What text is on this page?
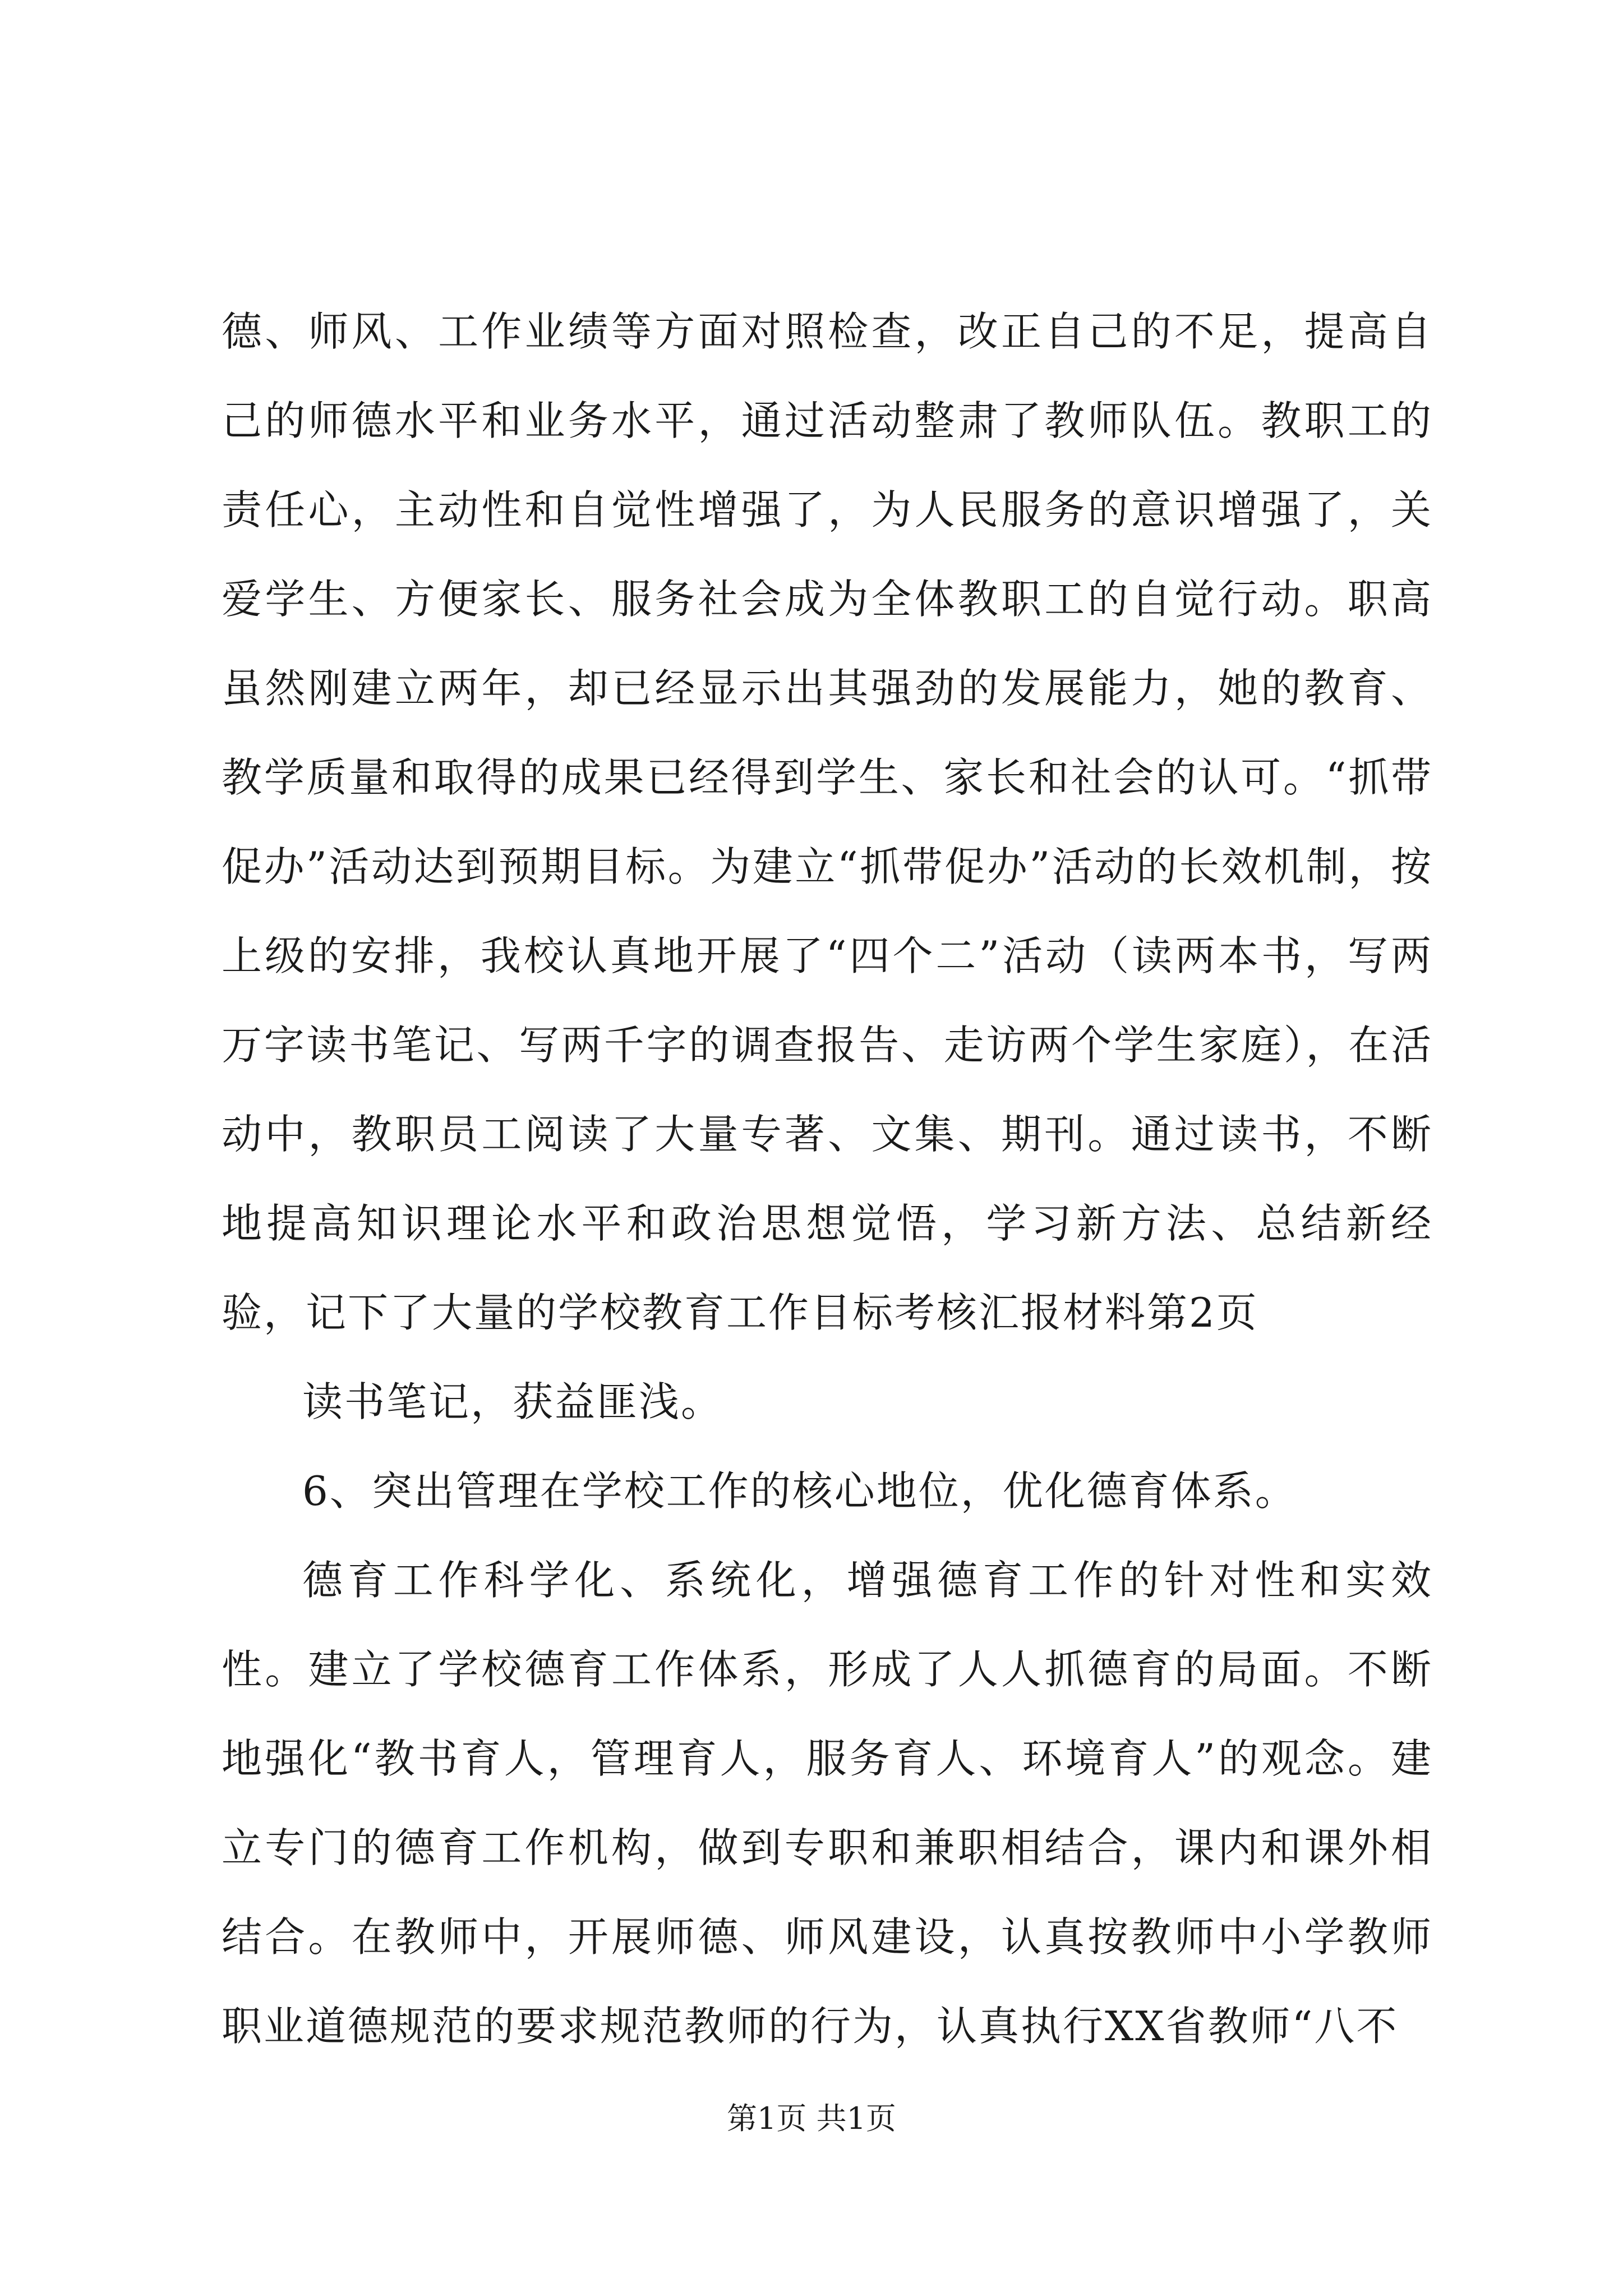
德、师风、工作业绩等方面对照检查，改正自己的不足，提高自己的师德水平和业务水平，通过活动整肃了教师队伍。教职工的责任心，主动性和自觉性增强了，为人民服务的意识增强了，关爱学生、方便家长、服务社会成为全体教职工的自觉行动。职高虽然刚建立两年，却已经显示出其强劲的发展能力，她的教育、教学质量和取得的成果已经得到学生、家长和社会的认可。“抓带促办”活动达到预期目标。为建立“抓带促办”活动的长效机制，按上级的安排，我校认真地开展了“四个二”活动（读两本书，写两万字读书笔记、写两千字的调查报告、走访两个学生家庭），在活动中，教职员工阅读了大量专著、文集、期刊。通过读书，不断地提高知识理论水平和政治思想觉悟，学习新方法、总结新经验，记下了大量的学校教育工作目标考核汇报材料第2页

读书笔记，获益匪浅。

6、突出管理在学校工作的核心地位，优化德育体系。

德育工作科学化、系统化，增强德育工作的针对性和实效性。建立了学校德育工作体系，形成了人人抓德育的局面。不断地强化“教书育人，管理育人，服务育人、环境育人”的观念。建立专门的德育工作机构，做到专职和兼职相结合，课内和课外相结合。在教师中，开展师德、师风建设，认真按教师中小学教师职业道德规范的要求规范教师的行为，认真执行XX省教师“八不

第1页 共1页
